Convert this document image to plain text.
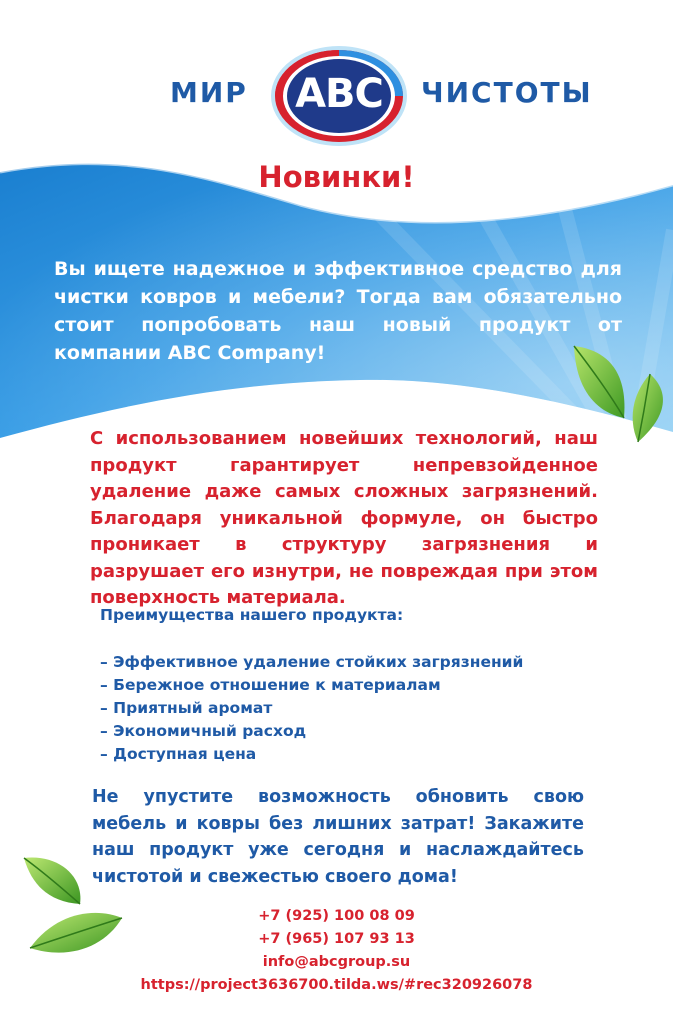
МИР	ABC	ЧИСТОТЫ
Новинки!
Вы ищете надежное и эффективное средство для чистки ковров и мебели? Тогда вам обязательно стоит попробовать наш новый продукт от компании ABC Company!
С использованием новейших технологий, наш продукт гарантирует непревзойденное удаление даже самых сложных загрязнений. Благодаря уникальной формуле, он быстро проникает в структуру загрязнения и разрушает его изнутри, не повреждая при этом поверхность материала.
Преимущества нашего продукта:
– Эффективное удаление стойких загрязнений
– Бережное отношение к материалам
– Приятный аромат
– Экономичный расход
– Доступная цена
Не упустите возможность обновить свою мебель и ковры без лишних затрат! Закажите наш продукт уже сегодня и наслаждайтесь чистотой и свежестью своего дома!
+7 (925) 100 08 09
+7 (965) 107 93 13
info@abcgroup.su
https://project3636700.tilda.ws/#rec320926078
